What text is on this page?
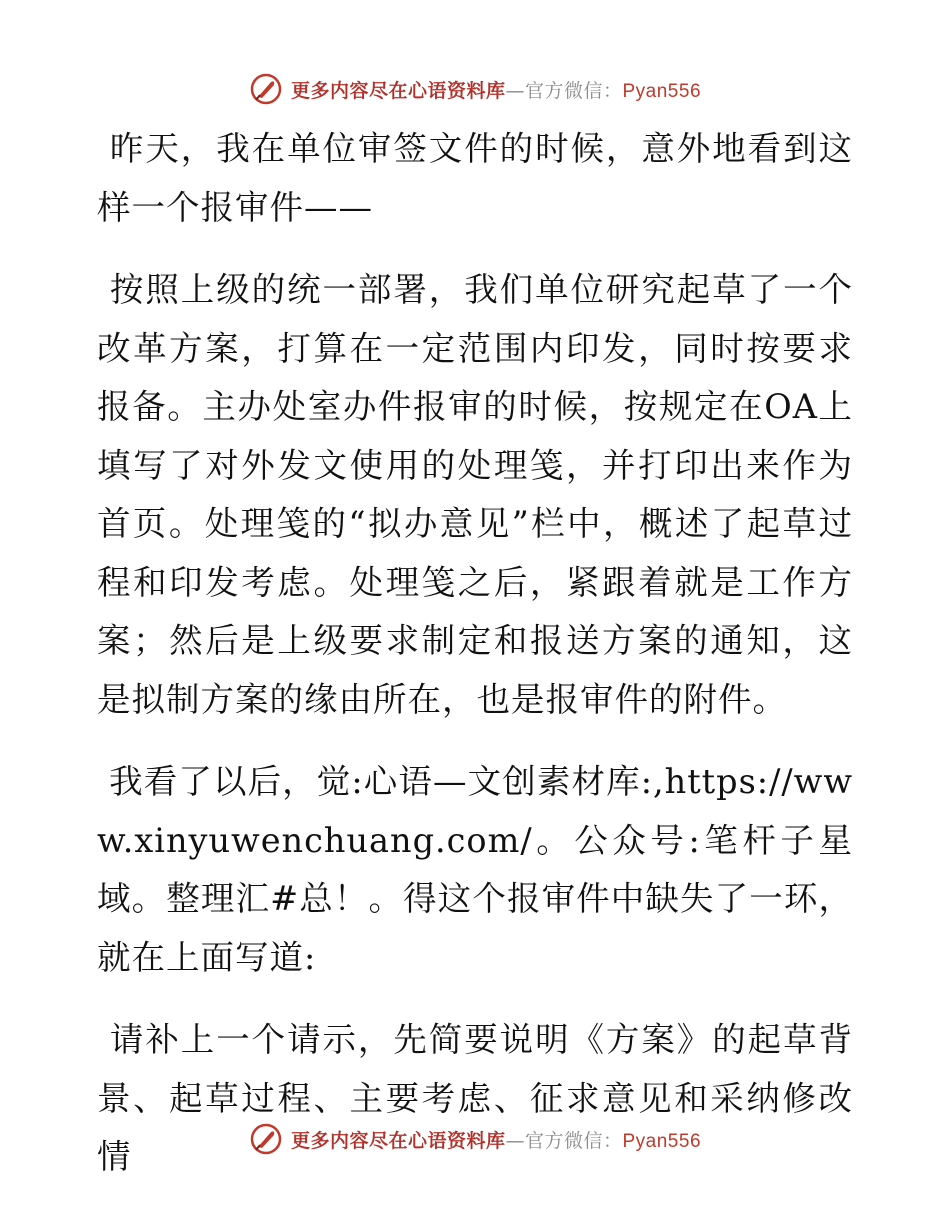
更多内容尽在心语资料库—官方微信：Pyan556

昨天，我在单位审签文件的时候，意外地看到这样一个报审件——

按照上级的统一部署，我们单位研究起草了一个改革方案，打算在一定范围内印发，同时按要求报备。主办处室办件报审的时候，按规定在OA上填写了对外发文使用的处理笺，并打印出来作为首页。处理笺的“拟办意见”栏中，概述了起草过程和印发考虑。处理笺之后，紧跟着就是工作方案；然后是上级要求制定和报送方案的通知，这是拟制方案的缘由所在，也是报审件的附件。

我看了以后，觉:心语—文创素材库:,https://www.xinyuwenchuang.com/。公众号:笔杆子星域。整理汇#总！。得这个报审件中缺失了一环，就在上面写道:

请补上一个请示，先简要说明《方案》的起草背景、起草过程、主要考虑、征求意见和采纳修改情	更多内容尽在心语资料库—官方微信：Pyan556
